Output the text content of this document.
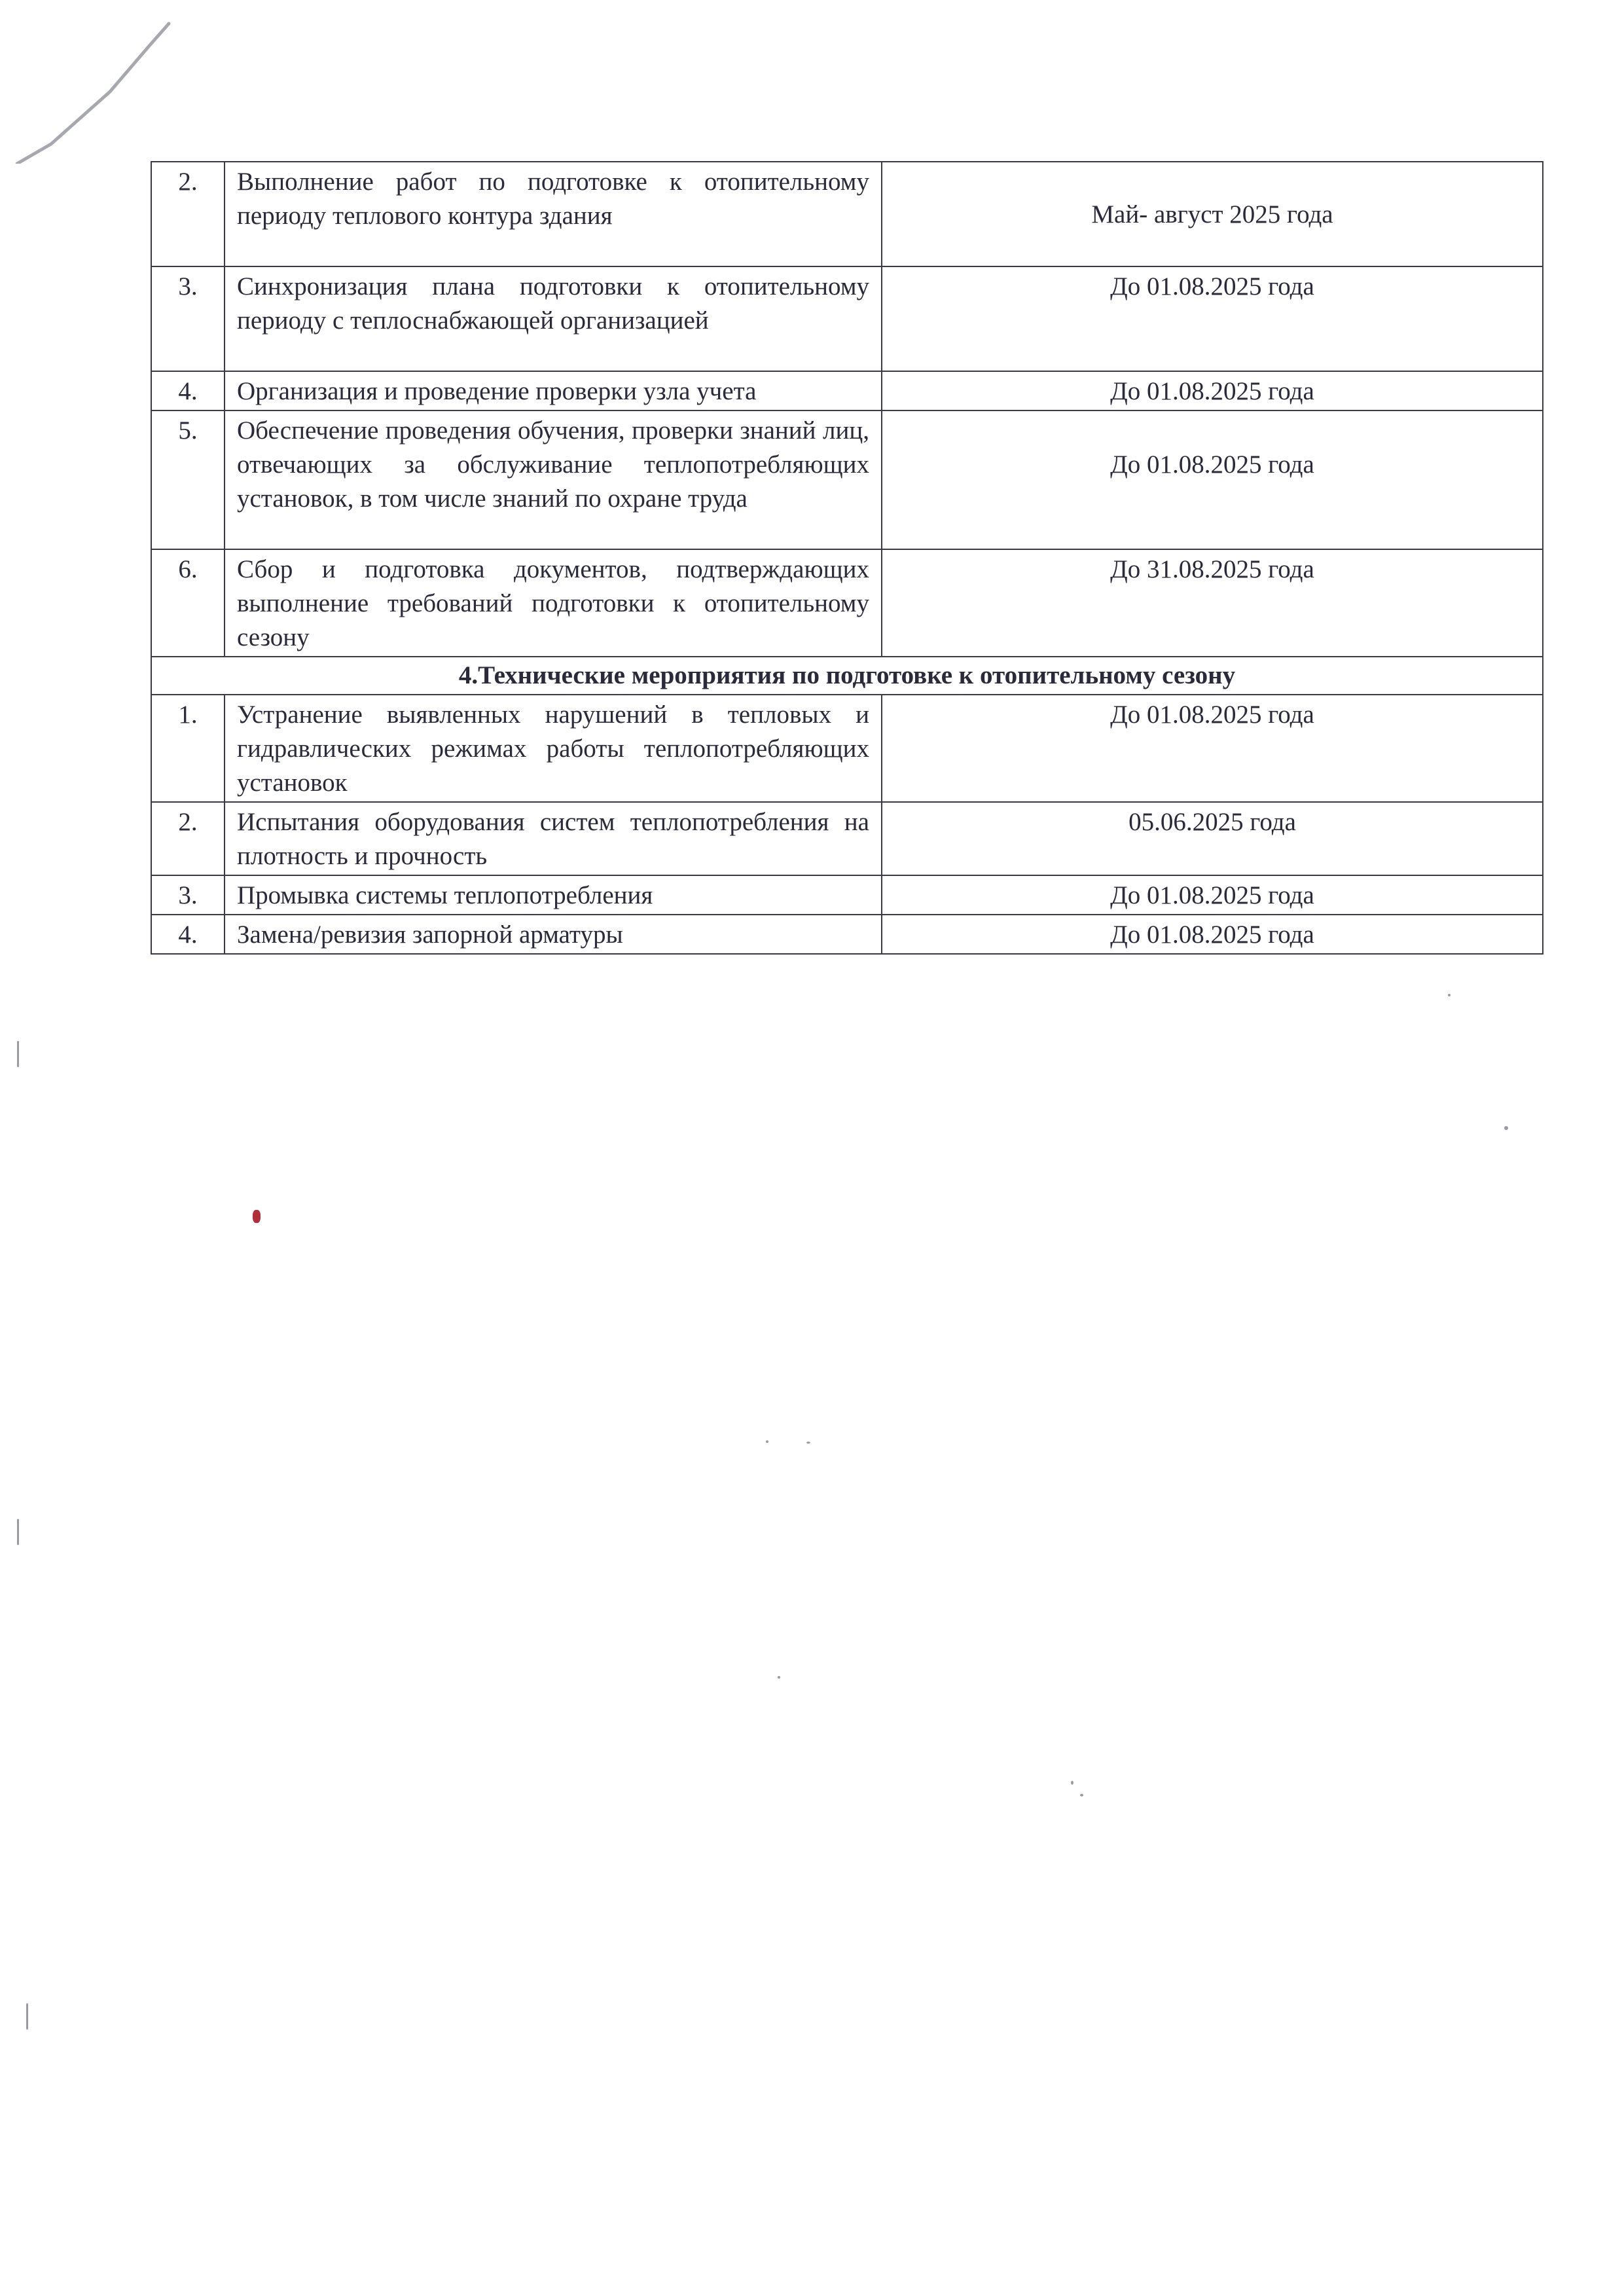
2.	Выполнение работ по подготовке к отопительному периоду теплового контура здания	Май- август 2025 года
3.	Синхронизация плана подготовки к отопительному периоду с теплоснабжающей организацией	До 01.08.2025 года
4.	Организация и проведение проверки узла учета	До 01.08.2025 года
5.	Обеспечение проведения обучения, проверки знаний лиц, отвечающих за обслуживание теплопотребляющих установок, в том числе знаний по охране труда	До 01.08.2025 года
6.	Сбор и подготовка документов, подтверждающих выполнение требований подготовки к отопительному сезону	До 31.08.2025 года
4.Технические мероприятия по подготовке к отопительному сезону		
1.	Устранение выявленных нарушений в тепловых и гидравлических режимах работы теплопотребляющих установок	До 01.08.2025 года
2.	Испытания оборудования систем теплопотребления на плотность и прочность	05.06.2025 года
3.	Промывка системы теплопотребления	До 01.08.2025 года
4.	Замена/ревизия запорной арматуры	До 01.08.2025 года
